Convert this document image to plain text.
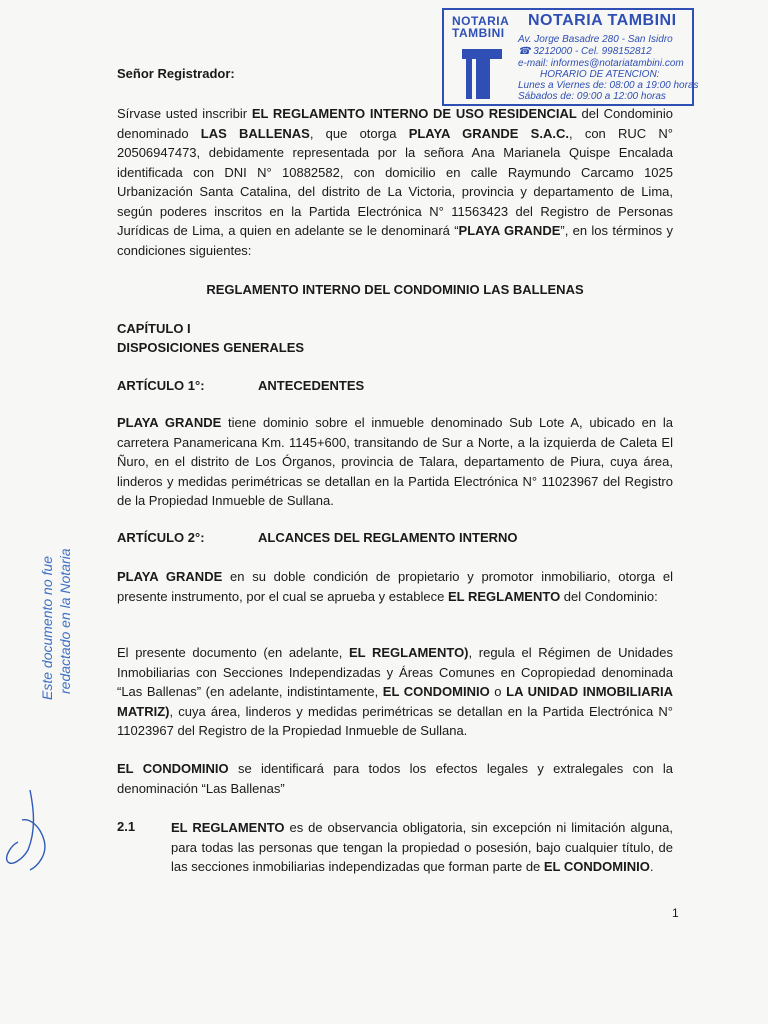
NOTARIA TAMBINI
NOTARIA TAMBINI
Av. Jorge Basadre 280 - San Isidro
☎ 3212000 - Cel. 998152812
e-mail: informes@notariatambini.com
HORARIO DE ATENCION:
Lunes a Viernes de: 08:00 a 19:00 horas
Sábados de: 09:00 a 12:00 horas
Señor Registrador:
Sírvase usted inscribir EL REGLAMENTO INTERNO DE USO RESIDENCIAL del Condominio denominado LAS BALLENAS, que otorga PLAYA GRANDE S.A.C., con RUC N° 20506947473, debidamente representada por la señora Ana Marianela Quispe Encalada identificada con DNI N° 10882582, con domicilio en calle Raymundo Carcamo 1025 Urbanización Santa Catalina, del distrito de La Victoria, provincia y departamento de Lima, según poderes inscritos en la Partida Electrónica N° 11563423 del Registro de Personas Jurídicas de Lima, a quien en adelante se le denominará “PLAYA GRANDE”, en los términos y condiciones siguientes:
REGLAMENTO INTERNO DEL CONDOMINIO LAS BALLENAS
CAPÍTULO I
DISPOSICIONES GENERALES
ARTÍCULO 1°:	ANTECEDENTES
PLAYA GRANDE tiene dominio sobre el inmueble denominado Sub Lote A, ubicado en la carretera Panamericana Km. 1145+600, transitando de Sur a Norte, a la izquierda de Caleta El Ñuro, en el distrito de Los Órganos, provincia de Talara, departamento de Piura, cuya área, linderos y medidas perimétricas se detallan en la Partida Electrónica N° 11023967 del Registro de la Propiedad Inmueble de Sullana.
ARTÍCULO 2°:	ALCANCES DEL REGLAMENTO INTERNO
PLAYA GRANDE en su doble condición de propietario y promotor inmobiliario, otorga el presente instrumento, por el cual se aprueba y establece EL REGLAMENTO del Condominio:
El presente documento (en adelante, EL REGLAMENTO), regula el Régimen de Unidades Inmobiliarias con Secciones Independizadas y Áreas Comunes en Copropiedad denominada “Las Ballenas” (en adelante, indistintamente, EL CONDOMINIO o LA UNIDAD INMOBILIARIA MATRIZ), cuya área, linderos y medidas perimétricas se detallan en la Partida Electrónica N° 11023967 del Registro de la Propiedad Inmueble de Sullana.
EL CONDOMINIO se identificará para todos los efectos legales y extralegales con la denominación “Las Ballenas”
2.1	EL REGLAMENTO es de observancia obligatoria, sin excepción ni limitación alguna, para todas las personas que tengan la propiedad o posesión, bajo cualquier título, de las secciones inmobiliarias independizadas que forman parte de EL CONDOMINIO.
Este documento no fue redactado en la Notaria
1
